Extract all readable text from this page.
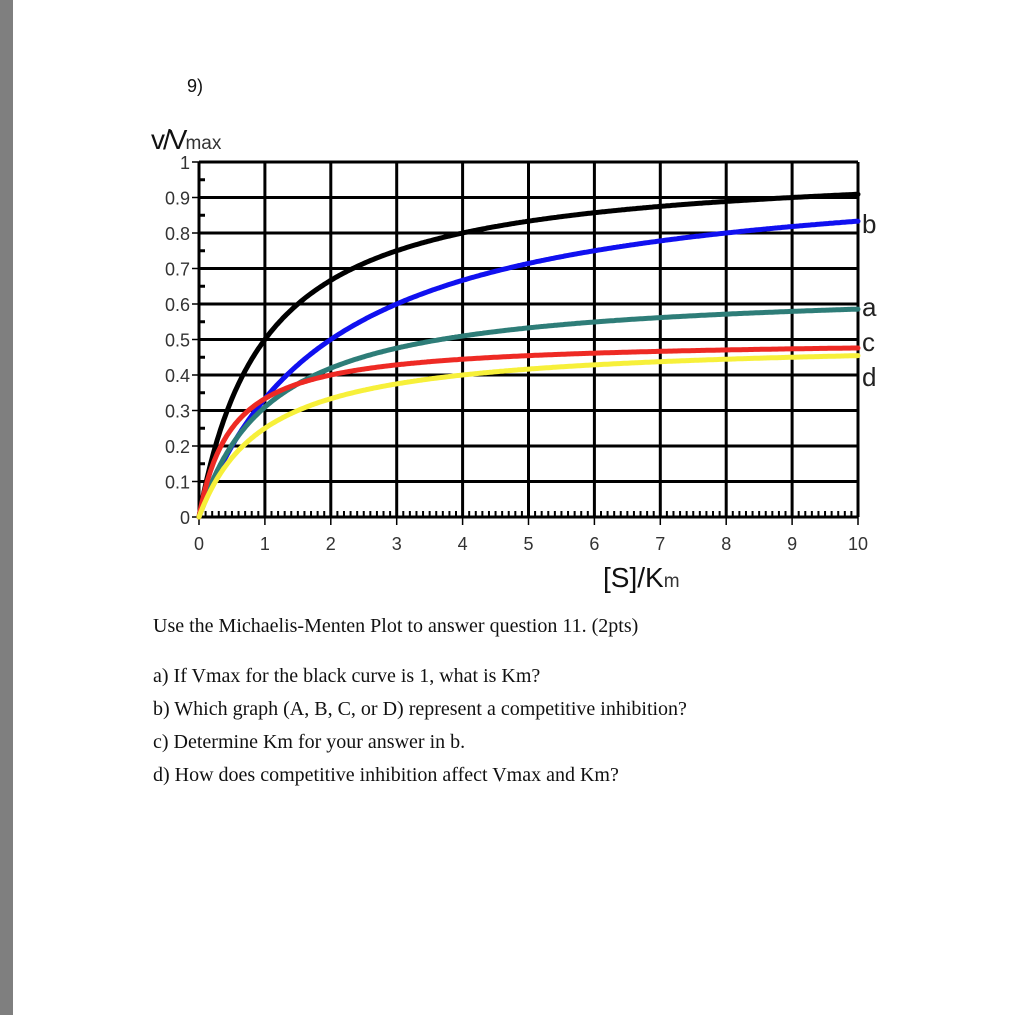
9)
v/Vmax
0
0.1
0.2
0.3
0.4
0.5
0.6
0.7
0.8
0.9
1
0	1	2	3	4	5	6	7	8	9	10
b
a
c
d
[S]/Km
Use the Michaelis-Menten Plot to answer question 11. (2pts)
a) If Vmax for the black curve is 1, what is Km?
b) Which graph (A, B, C, or D) represent a competitive inhibition?
c) Determine Km for your answer in b.
d) How does competitive inhibition affect Vmax and Km?
